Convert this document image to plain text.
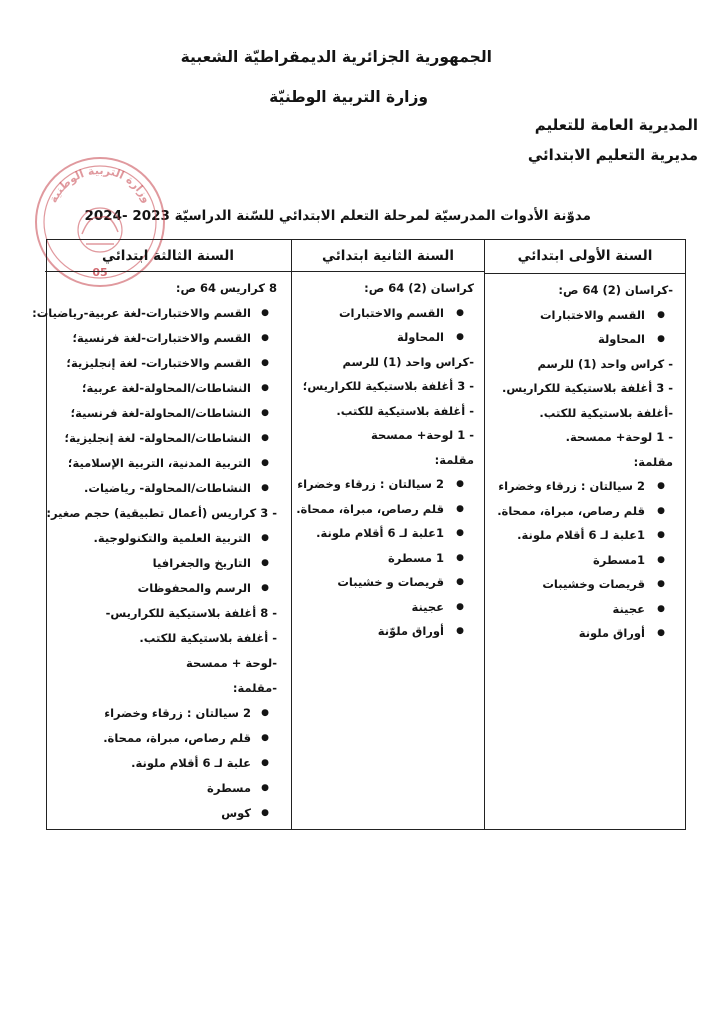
الجمهورية الجزائرية الديمقراطيّة الشعبية
وزارة التربية الوطنيّة
المديرية العامة للتعليم
مديرية التعليم الابتدائي
مدوّنة الأدوات المدرسيّة لمرحلة التعلم الابتدائي للسّنة الدراسيّة 2023 -2024
وزارة التربية الوطنية
05
السنة الأولى ابتدائي
-كراسان (2) 64 ص:
● القسم والاختبارات
● المحاولة
- كراس واحد (1) للرسم
- 3 أغلفة بلاستيكية للكراريس.
-أغلفة بلاستيكية للكتب.
- 1 لوحة+ ممسحة.
مقلمة:
● 2 سيالتان : زرقاء وخضراء
● قلم رصاص، مبراة، ممحاة.
● 1علبة لـ 6 أقلام ملونة.
● 1مسطرة
● قريصات وخشيبات
● عجينة
● أوراق ملونة
السنة الثانية ابتدائي
كراسان (2) 64 ص:
● القسم والاختبارات
● المحاولة
-كراس واحد (1) للرسم
- 3 أغلفة بلاستيكية للكراريس؛
- أغلفة بلاستيكية للكتب.
- 1 لوحة+ ممسحة
مقلمة:
● 2 سيالتان : زرقاء وخضراء
● قلم رصاص، مبراة، ممحاة.
● 1علبة لـ 6 أقلام ملونة.
● 1 مسطرة
● قريصات و خشيبات
● عجينة
● أوراق ملوّنة
السنة الثالثة ابتدائي
8 كراريس 64 ص:
● القسم والاختبارات-لغة عربية-رياضيات:
● القسم والاختبارات-لغة فرنسية؛
● القسم والاختبارات- لغة إنجليزية؛
● النشاطات/المحاولة-لغة عربية؛
● النشاطات/المحاولة-لغة فرنسية؛
● النشاطات/المحاولة- لغة إنجليزية؛
● التربية المدنية، التربية الإسلامية؛
● النشاطات/المحاولة- رياضيات.
- 3 كراريس (أعمال تطبيقية) حجم صغير:
● التربية العلمية والتكنولوجية.
● التاريخ والجغرافيا
● الرسم والمحفوظات
- 8 أغلفة بلاستيكية للكراريس-
- أغلفة بلاستيكية للكتب.
-لوحة + ممسحة
-مقلمة:
● 2 سيالتان : زرقاء وخضراء
● قلم رصاص، مبراة، ممحاة.
● علبة لـ 6 أقلام ملونة.
● مسطرة
● كوس
